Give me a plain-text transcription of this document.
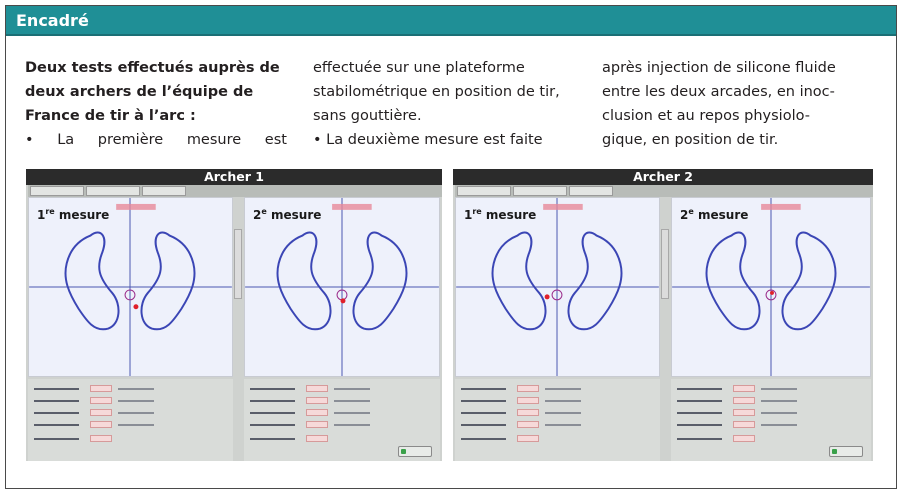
Encadré
Deux tests effectués auprès de
deux archers de l’équipe de
France de tir à l’arc :
• La première mesure est
effectuée sur une plateforme
stabilométrique en position de tir,
sans gouttière.
• La deuxième mesure est faite
après injection de silicone fluide
entre les deux arcades, en inoc-
clusion et au repos physiolo-
gique, en position de tir.
Archer 1
1re mesure	2e mesure
Archer 2
1re mesure	2e mesure
